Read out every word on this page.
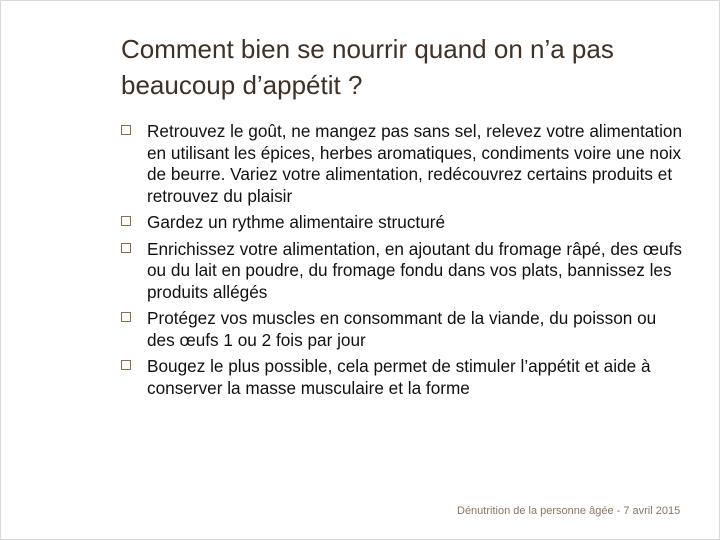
Comment bien se nourrir quand on n’a pas beaucoup d’appétit ?
Retrouvez le goût, ne mangez pas sans sel, relevez votre alimentation en utilisant les épices, herbes aromatiques, condiments voire une noix de beurre. Variez votre alimentation, redécouvrez certains produits et retrouvez du plaisir
Gardez un rythme alimentaire structuré
Enrichissez votre alimentation, en ajoutant du fromage râpé, des œufs ou du lait en poudre, du fromage fondu dans vos plats, bannissez les produits allégés
Protégez vos muscles en consommant de la viande, du poisson ou des œufs 1 ou 2 fois par jour
Bougez le plus possible, cela permet de stimuler l’appétit et aide à conserver la masse musculaire et la forme
Dénutrition de la personne âgée - 7 avril 2015
